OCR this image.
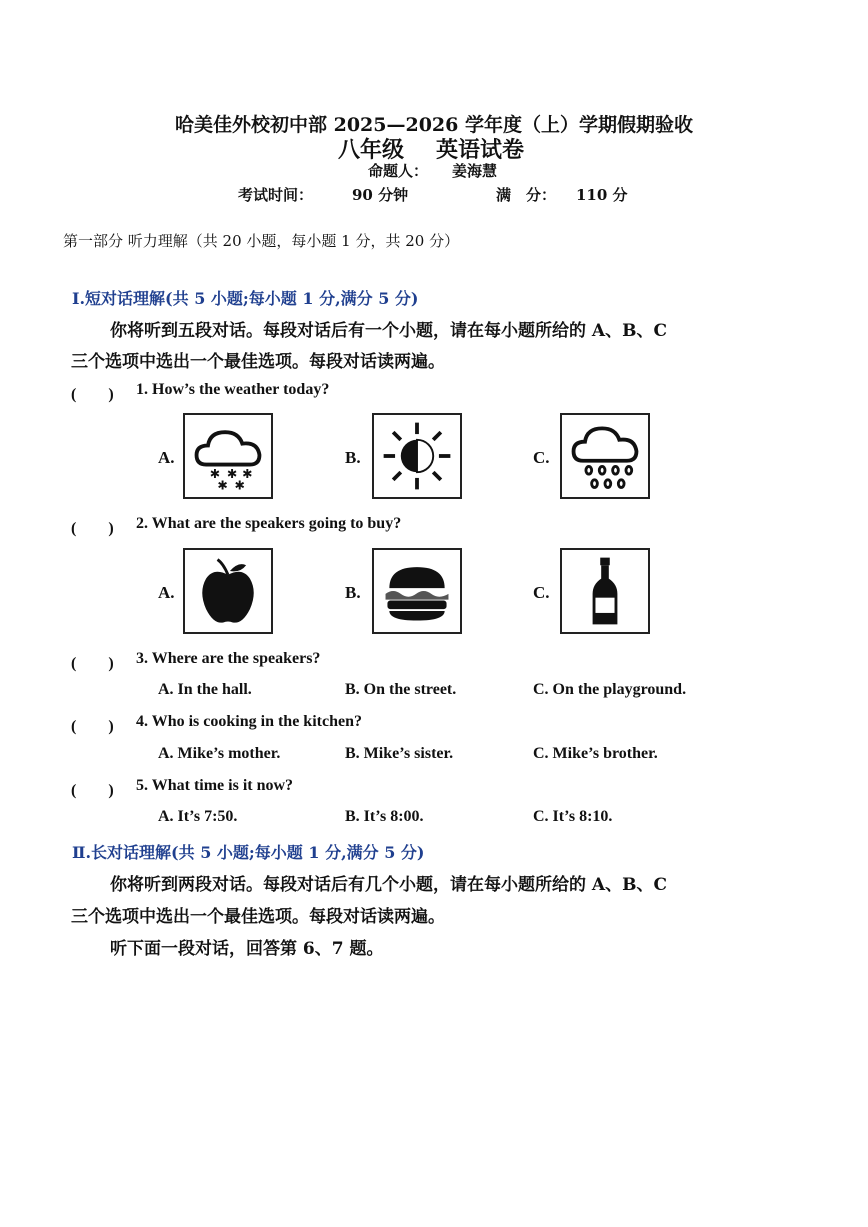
哈美佳外校初中部 2025—2026 学年度（上）学期假期验收
八年级 英语试卷
命题人： 姜海慧
考试时间：	90 分钟	满　分： 110 分
第一部分 听力理解（共 20 小题，每小题 1 分，共 20 分）
Ⅰ.短对话理解(共 5 小题;每小题 1 分,满分 5 分)
你将听到五段对话。每段对话后有一个小题，请在每小题所给的 A、B、C
三个选项中选出一个最佳选项。每段对话读两遍。
(　　) 1. How’s the weather today?
A.
✱ ✱ ✱
✱ ✱
B.	C.
(　　) 2. What are the speakers going to buy?
A.	B.	C.
(　　) 3. Where are the speakers?
A. In the hall.	B. On the street.	C. On the playground.
(　　) 4. Who is cooking in the kitchen?
A. Mike’s mother.	B. Mike’s sister.	C. Mike’s brother.
(　　) 5. What time is it now?
A. It’s 7:50.	B. It’s 8:00.	C. It’s 8:10.
Ⅱ.长对话理解(共 5 小题;每小题 1 分,满分 5 分)
你将听到两段对话。每段对话后有几个小题，请在每小题所给的 A、B、C
三个选项中选出一个最佳选项。每段对话读两遍。
听下面一段对话，回答第 6、7 题。
